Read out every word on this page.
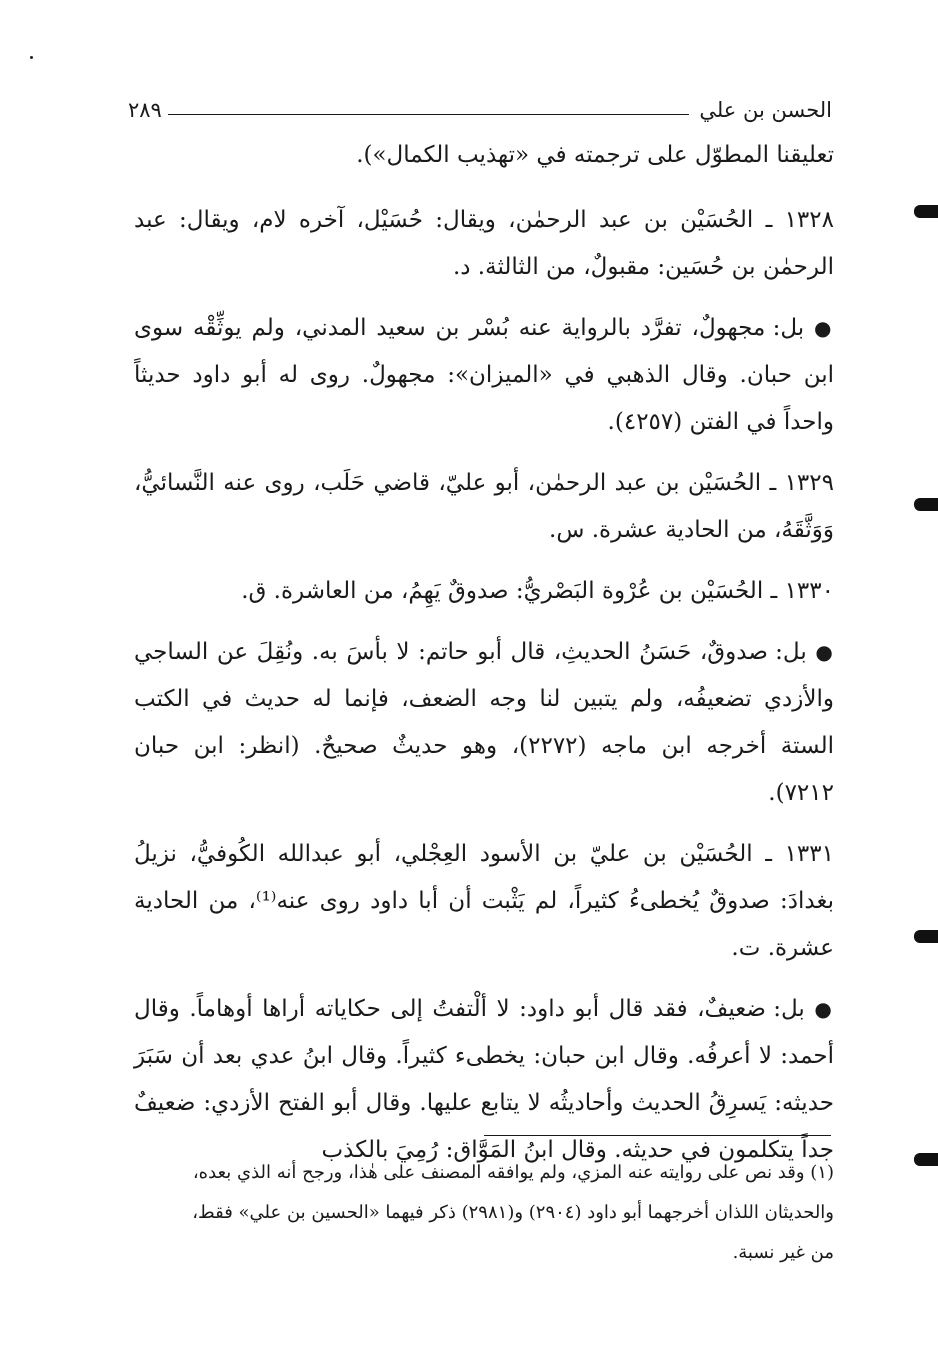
الحسن بن علي
٢٨٩

تعليقنا المطوّل على ترجمته في «تهذيب الكمال»).

١٣٢٨ ـ الحُسَيْن بن عبد الرحمٰن، ويقال: حُسَيْل، آخره لام، ويقال: عبد الرحمٰن بن حُسَين: مقبولٌ، من الثالثة. د.

● بل: مجهولٌ، تفرَّد بالرواية عنه بُسْر بن سعيد المدني، ولم يوثِّقْه سوى ابن حبان. وقال الذهبي في «الميزان»: مجهولٌ. روى له أبو داود حديثاً واحداً في الفتن (٤٢٥٧).

١٣٢٩ ـ الحُسَيْن بن عبد الرحمٰن، أبو عليّ، قاضي حَلَب، روى عنه النَّسائيُّ، وَوَثَّقَهُ، من الحادية عشرة. س.

١٣٣٠ ـ الحُسَيْن بن عُرْوة البَصْريُّ: صدوقٌ يَهِمُ، من العاشرة. ق.

● بل: صدوقٌ، حَسَنُ الحديثِ، قال أبو حاتم: لا بأسَ به. ونُقِلَ عن الساجي والأزدي تضعيفُه، ولم يتبين لنا وجه الضعف، فإنما له حديث في الكتب الستة أخرجه ابن ماجه (٢٢٧٢)، وهو حديثٌ صحيحٌ. (انظر: ابن حبان ٧٢١٢).

١٣٣١ ـ الحُسَيْن بن عليّ بن الأسود العِجْلي، أبو عبدالله الكُوفيُّ، نزيلُ بغدادَ: صدوقٌ يُخطىءُ كثيراً، لم يَثْبت أن أبا داود روى عنه⁽¹⁾، من الحادية عشرة. ت.

● بل: ضعيفٌ، فقد قال أبو داود: لا ألْتفتُ إلى حكاياته أراها أوهاماً. وقال أحمد: لا أعرفُه. وقال ابن حبان: يخطىء كثيراً. وقال ابنُ عدي بعد أن سَبَرَ حديثه: يَسرِقُ الحديث وأحاديثُه لا يتابع عليها. وقال أبو الفتح الأزدي: ضعيفٌ جداً يتكلمون في حديثه. وقال ابنُ المَوَّاق: رُمِيَ بالكذب

(١) وقد نص على روايته عنه المزي، ولم يوافقه المصنف على هٰذا، ورجح أنه الذي بعده،

والحديثان اللذان أخرجهما أبو داود (٢٩٠٤) و(٢٩٨١) ذكر فيهما «الحسين بن علي» فقط،

من غير نسبة.
